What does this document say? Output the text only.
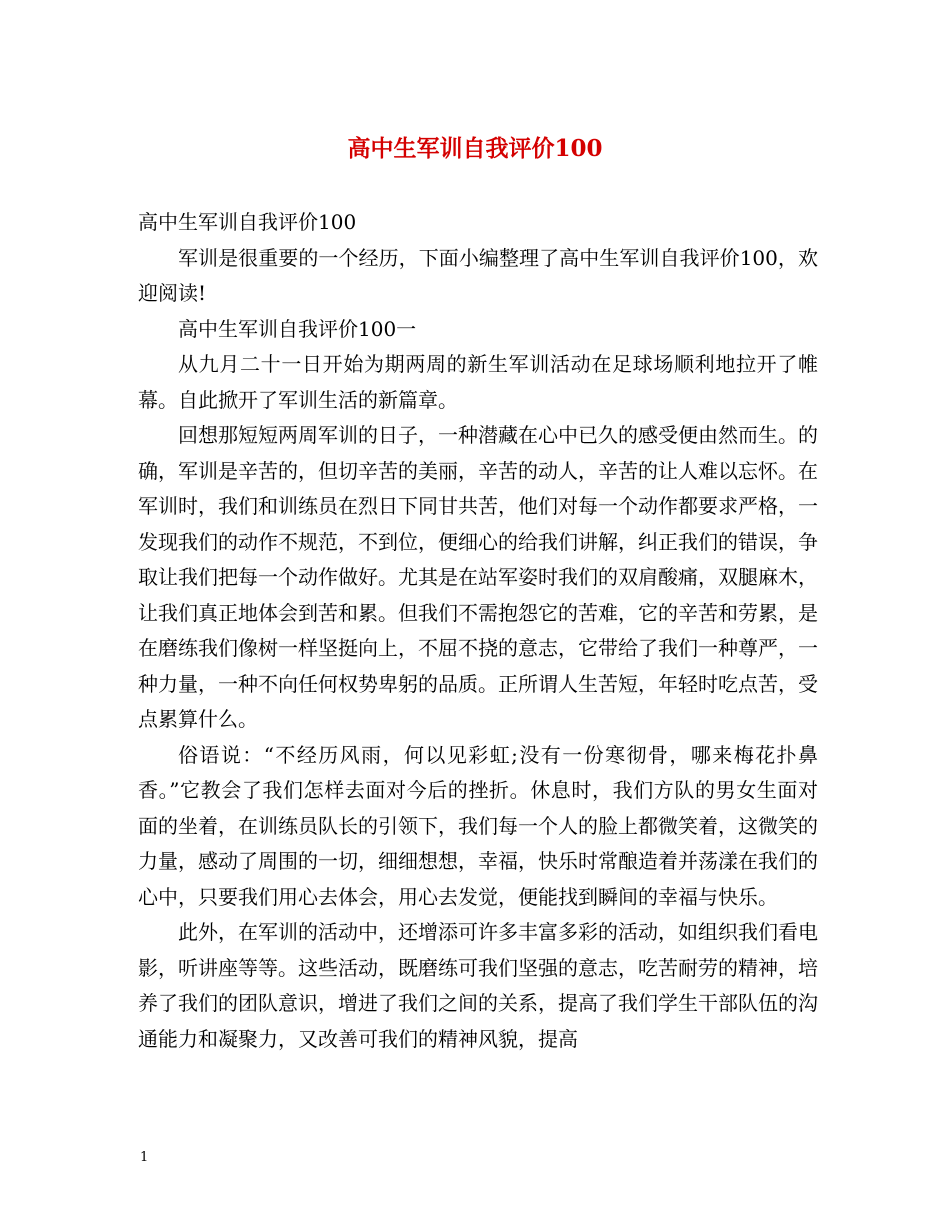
高中生军训自我评价100

高中生军训自我评价100

军训是很重要的一个经历，下面小编整理了高中生军训自我评价100，欢迎阅读!

高中生军训自我评价100一

从九月二十一日开始为期两周的新生军训活动在足球场顺利地拉开了帷幕。自此掀开了军训生活的新篇章。

回想那短短两周军训的日子，一种潜藏在心中已久的感受便由然而生。的确，军训是辛苦的，但切辛苦的美丽，辛苦的动人，辛苦的让人难以忘怀。在军训时，我们和训练员在烈日下同甘共苦，他们对每一个动作都要求严格，一发现我们的动作不规范，不到位，便细心的给我们讲解，纠正我们的错误，争取让我们把每一个动作做好。尤其是在站军姿时我们的双肩酸痛，双腿麻木，让我们真正地体会到苦和累。但我们不需抱怨它的苦难，它的辛苦和劳累，是在磨练我们像树一样坚挺向上，不屈不挠的意志，它带给了我们一种尊严，一种力量，一种不向任何权势卑躬的品质。正所谓人生苦短，年轻时吃点苦，受点累算什么。

俗语说：“不经历风雨，何以见彩虹;没有一份寒彻骨，哪来梅花扑鼻香。”它教会了我们怎样去面对今后的挫折。休息时，我们方队的男女生面对面的坐着，在训练员队长的引领下，我们每一个人的脸上都微笑着，这微笑的力量，感动了周围的一切，细细想想，幸福，快乐时常酿造着并荡漾在我们的心中，只要我们用心去体会，用心去发觉，便能找到瞬间的幸福与快乐。

此外，在军训的活动中，还增添可许多丰富多彩的活动，如组织我们看电影，听讲座等等。这些活动，既磨练可我们坚强的意志，吃苦耐劳的精神，培养了我们的团队意识，增进了我们之间的关系，提高了我们学生干部队伍的沟通能力和凝聚力，又改善可我们的精神风貌，提高

1
